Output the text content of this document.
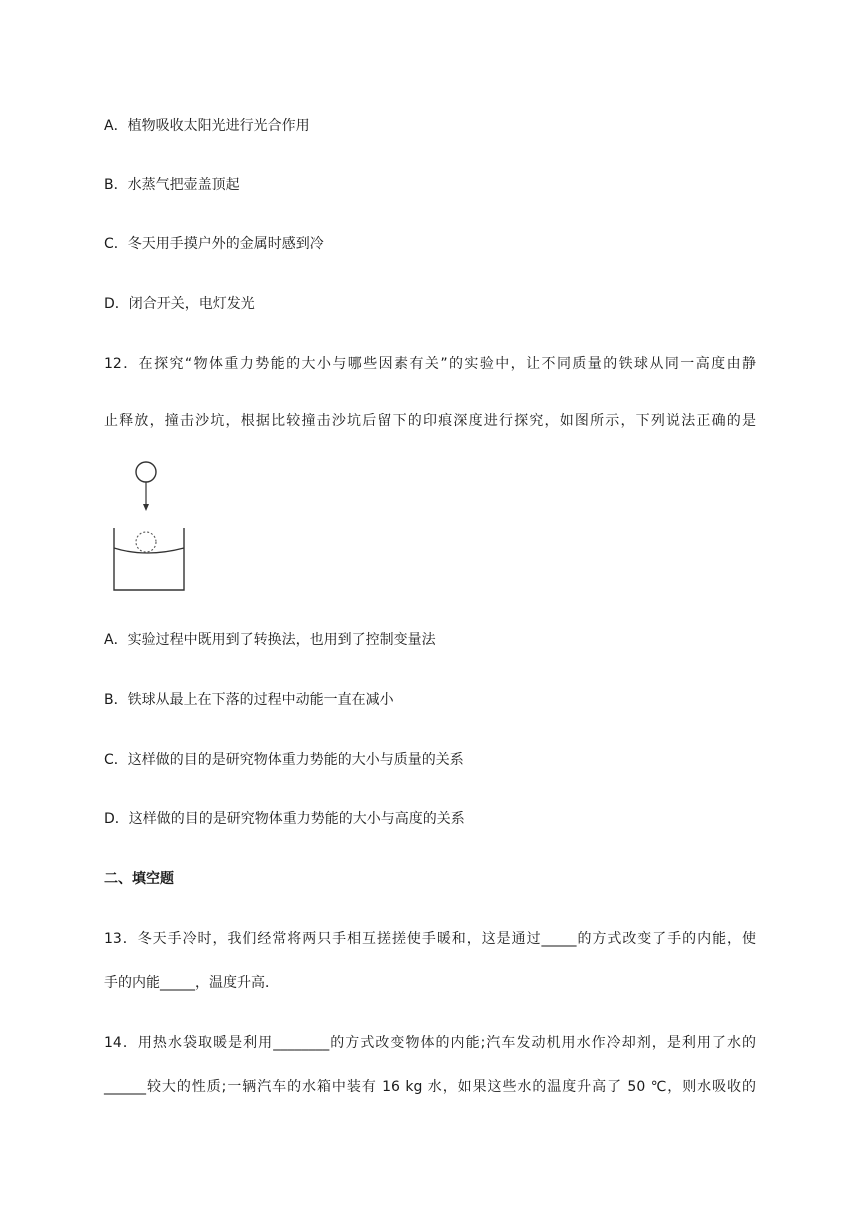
A．植物吸收太阳光进行光合作用
B．水蒸气把壶盖顶起
C．冬天用手摸户外的金属时感到冷
D．闭合开关，电灯发光
12．在探究“物体重力势能的大小与哪些因素有关”的实验中，让不同质量的铁球从同一高度由静
止释放，撞击沙坑，根据比较撞击沙坑后留下的印痕深度进行探究，如图所示，下列说法正确的是
A．实验过程中既用到了转换法，也用到了控制变量法
B．铁球从最上在下落的过程中动能一直在减小
C．这样做的目的是研究物体重力势能的大小与质量的关系
D．这样做的目的是研究物体重力势能的大小与高度的关系
二、填空题
13．冬天手冷时，我们经常将两只手相互搓搓使手暖和，这是通过_____的方式改变了手的内能，使
手的内能_____，温度升高．
14．用热水袋取暖是利用________的方式改变物体的内能;汽车发动机用水作冷却剂，是利用了水的
______较大的性质;一辆汽车的水箱中装有 16 kg 水，如果这些水的温度升高了 50 ℃，则水吸收的
